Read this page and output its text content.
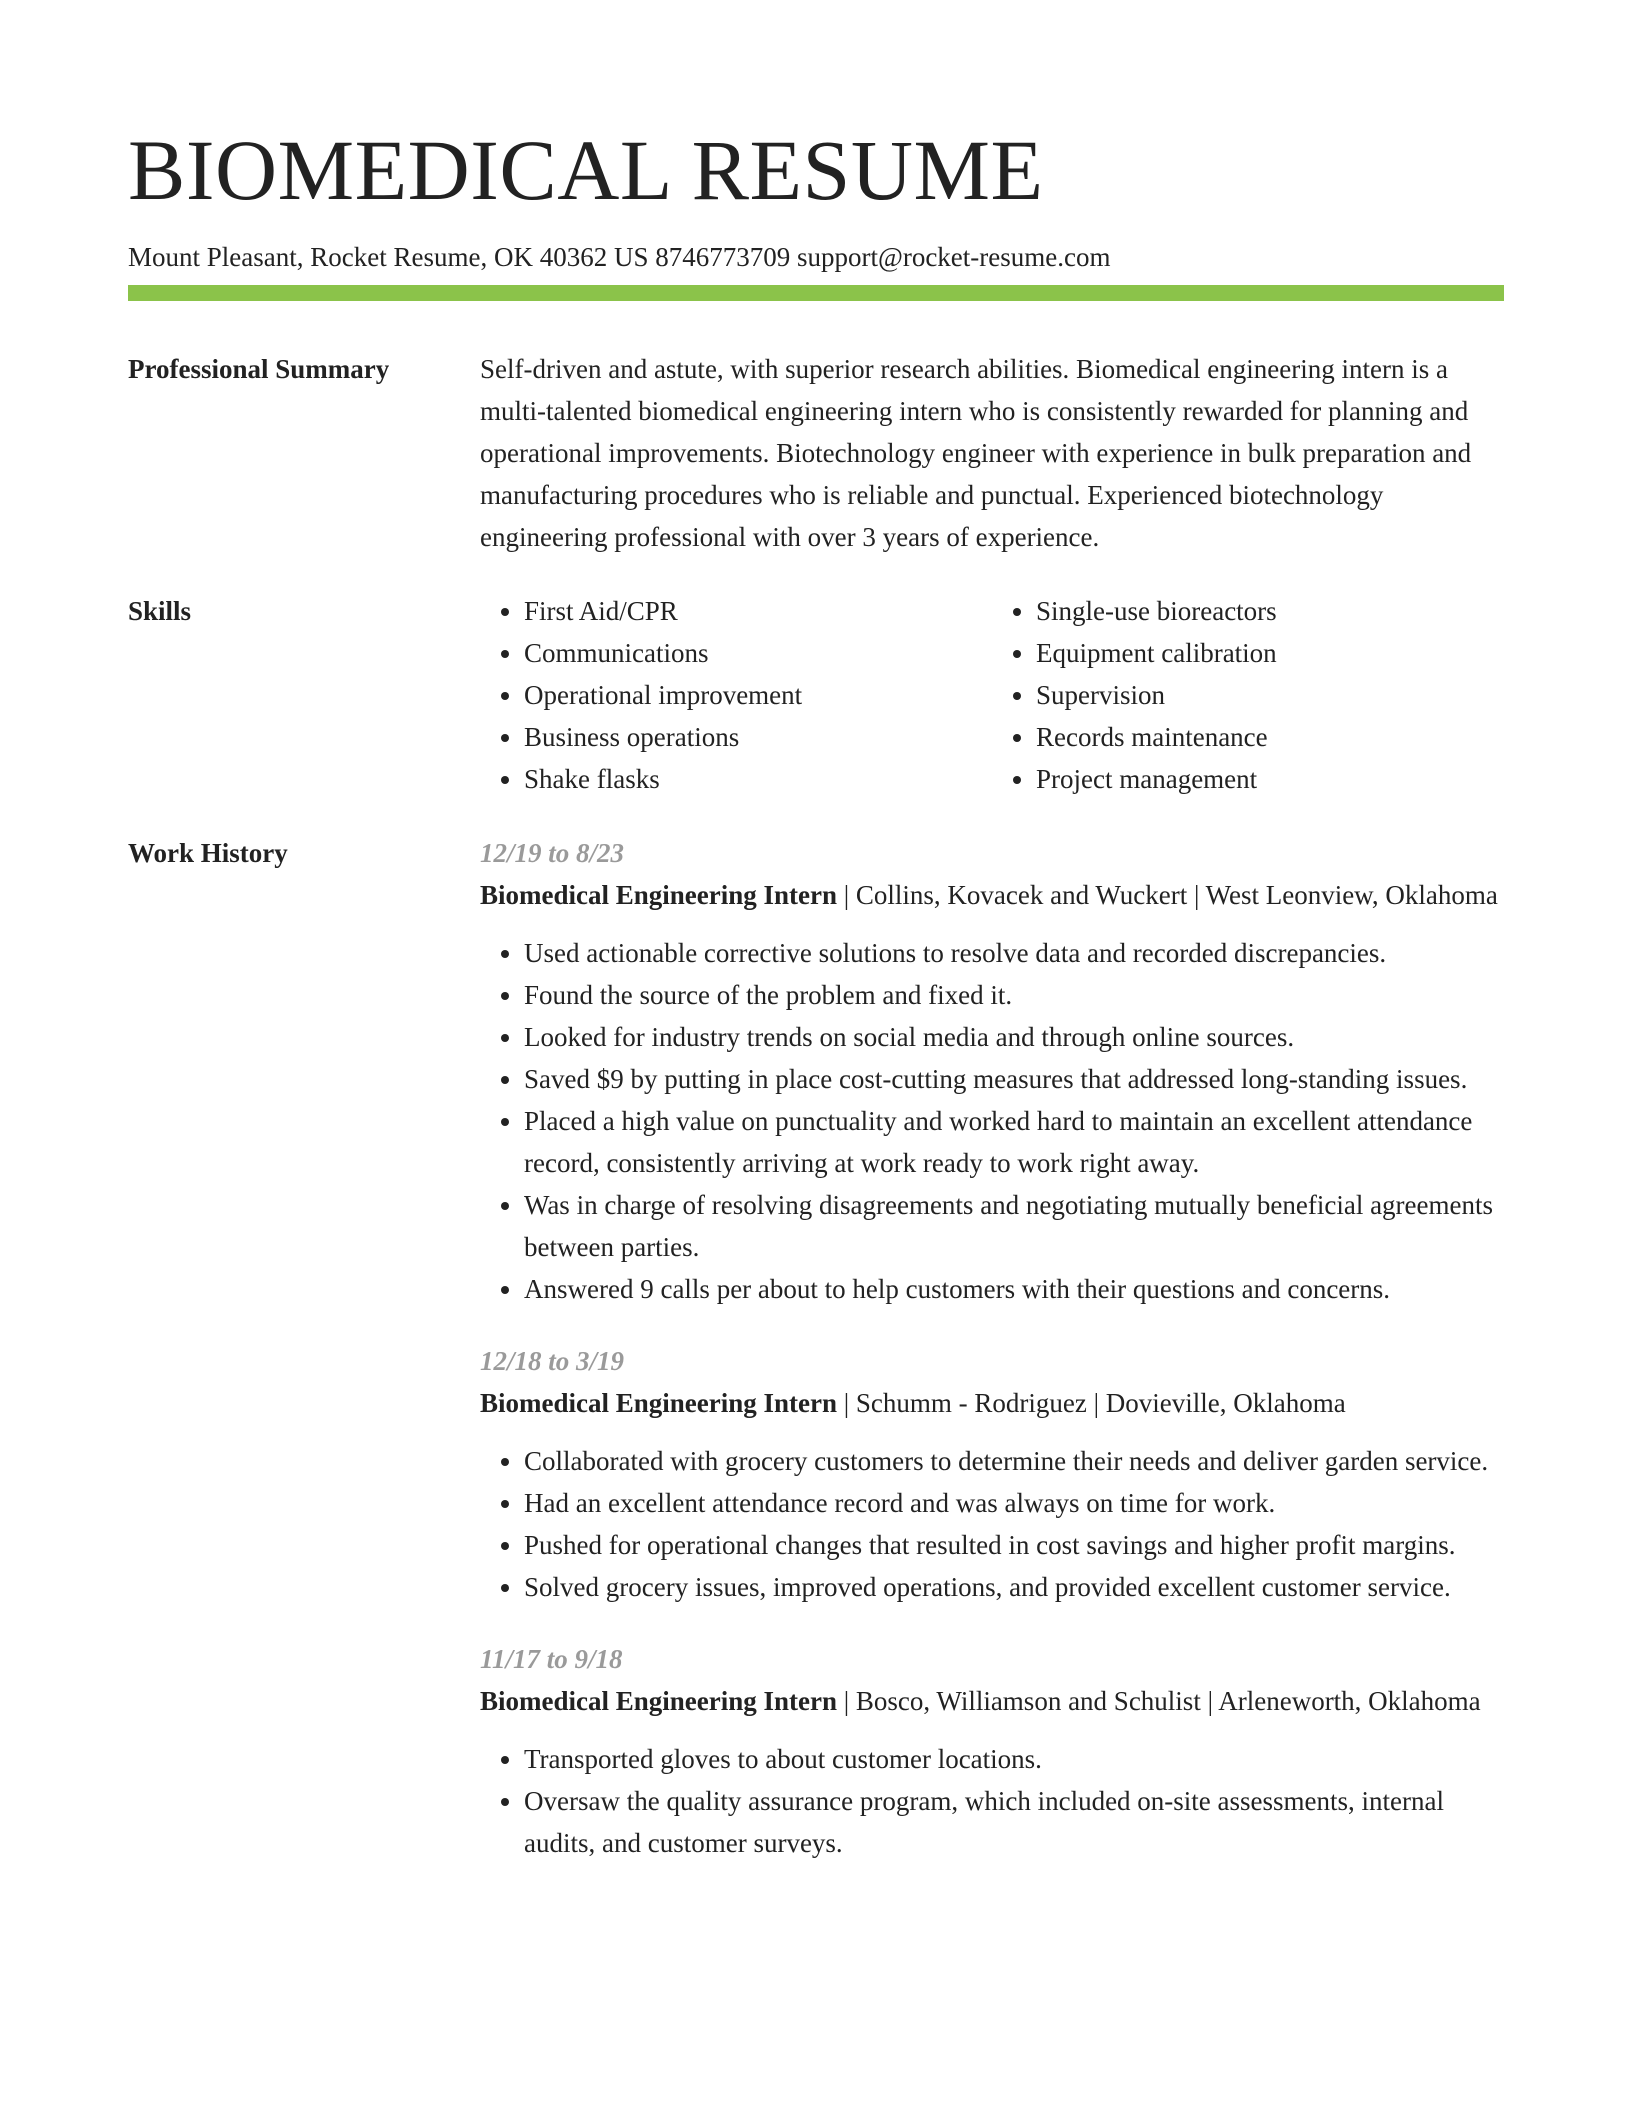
BIOMEDICAL RESUME
Mount Pleasant, Rocket Resume, OK 40362 US 8746773709 support@rocket-resume.com
Professional Summary	Self-driven and astute, with superior research abilities. Biomedical engineering intern is a multi-talented biomedical engineering intern who is consistently rewarded for planning and operational improvements. Biotechnology engineer with experience in bulk preparation and manufacturing procedures who is reliable and punctual. Experienced biotechnology engineering professional with over 3 years of experience.

Skills
•	First Aid/CPR
• Communications
• Operational improvement
• Business operations
• Shake flasks
• Single-use bioreactors
• Equipment calibration
• Supervision
• Records maintenance
• Project management
Work History	12/19 to 8/23
Biomedical Engineering Intern | Collins, Kovacek and Wuckert | West Leonview, Oklahoma
• Used actionable corrective solutions to resolve data and recorded discrepancies.
• Found the source of the problem and fixed it.
• Looked for industry trends on social media and through online sources.
• Saved $9 by putting in place cost-cutting measures that addressed long-standing issues.
• Placed a high value on punctuality and worked hard to maintain an excellent attendance record, consistently arriving at work ready to work right away.
• Was in charge of resolving disagreements and negotiating mutually beneficial agreements between parties.
• Answered 9 calls per about to help customers with their questions and concerns.
12/18 to 3/19
Biomedical Engineering Intern | Schumm - Rodriguez | Dovieville, Oklahoma
• Collaborated with grocery customers to determine their needs and deliver garden service.
• Had an excellent attendance record and was always on time for work.
• Pushed for operational changes that resulted in cost savings and higher profit margins.
• Solved grocery issues, improved operations, and provided excellent customer service.
11/17 to 9/18
Biomedical Engineering Intern | Bosco, Williamson and Schulist | Arleneworth, Oklahoma
• Transported gloves to about customer locations.
• Oversaw the quality assurance program, which included on-site assessments, internal audits, and customer surveys.
